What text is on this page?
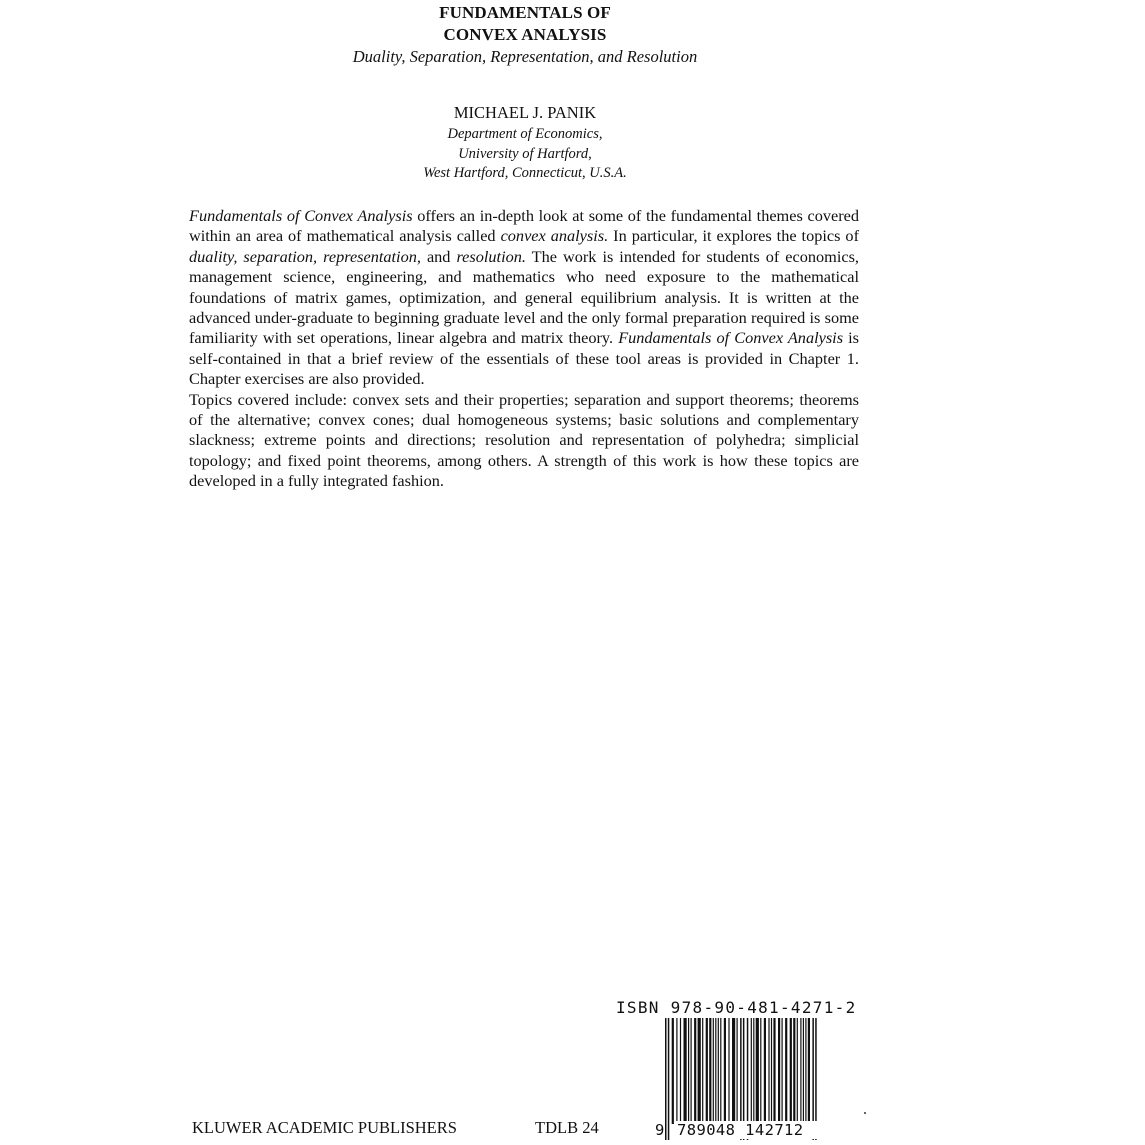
FUNDAMENTALS OF
CONVEX ANALYSIS
Duality, Separation, Representation, and Resolution
MICHAEL J. PANIK
Department of Economics,
University of Hartford,
West Hartford, Connecticut, U.S.A.

Fundamentals of Convex Analysis offers an in-depth look at some of the fundamental themes covered within an area of mathematical analysis called convex analysis. In particular, it explores the topics of duality, separation, representation, and resolution. The work is intended for students of economics, management science, engineering, and mathematics who need exposure to the mathematical foundations of matrix games, optimization, and general equilibrium analysis. It is written at the advanced under-graduate to beginning graduate level and the only formal preparation required is some familiarity with set operations, linear algebra and matrix theory. Fundamentals of Convex Analysis is self-contained in that a brief review of the essentials of these tool areas is provided in Chapter 1. Chapter exercises are also provided.

Topics covered include: convex sets and their properties; separation and support theorems; theorems of the alternative; convex cones; dual homogeneous systems; basic solutions and complementary slackness; extreme points and directions; resolution and representation of polyhedra; simplicial topology; and fixed point theorems, among others. A strength of this work is how these topics are developed in a fully integrated fashion.

ISBN 978-90-481-4271-2
9 789048 142712
KLUWER ACADEMIC PUBLISHERS	TDLB 24
